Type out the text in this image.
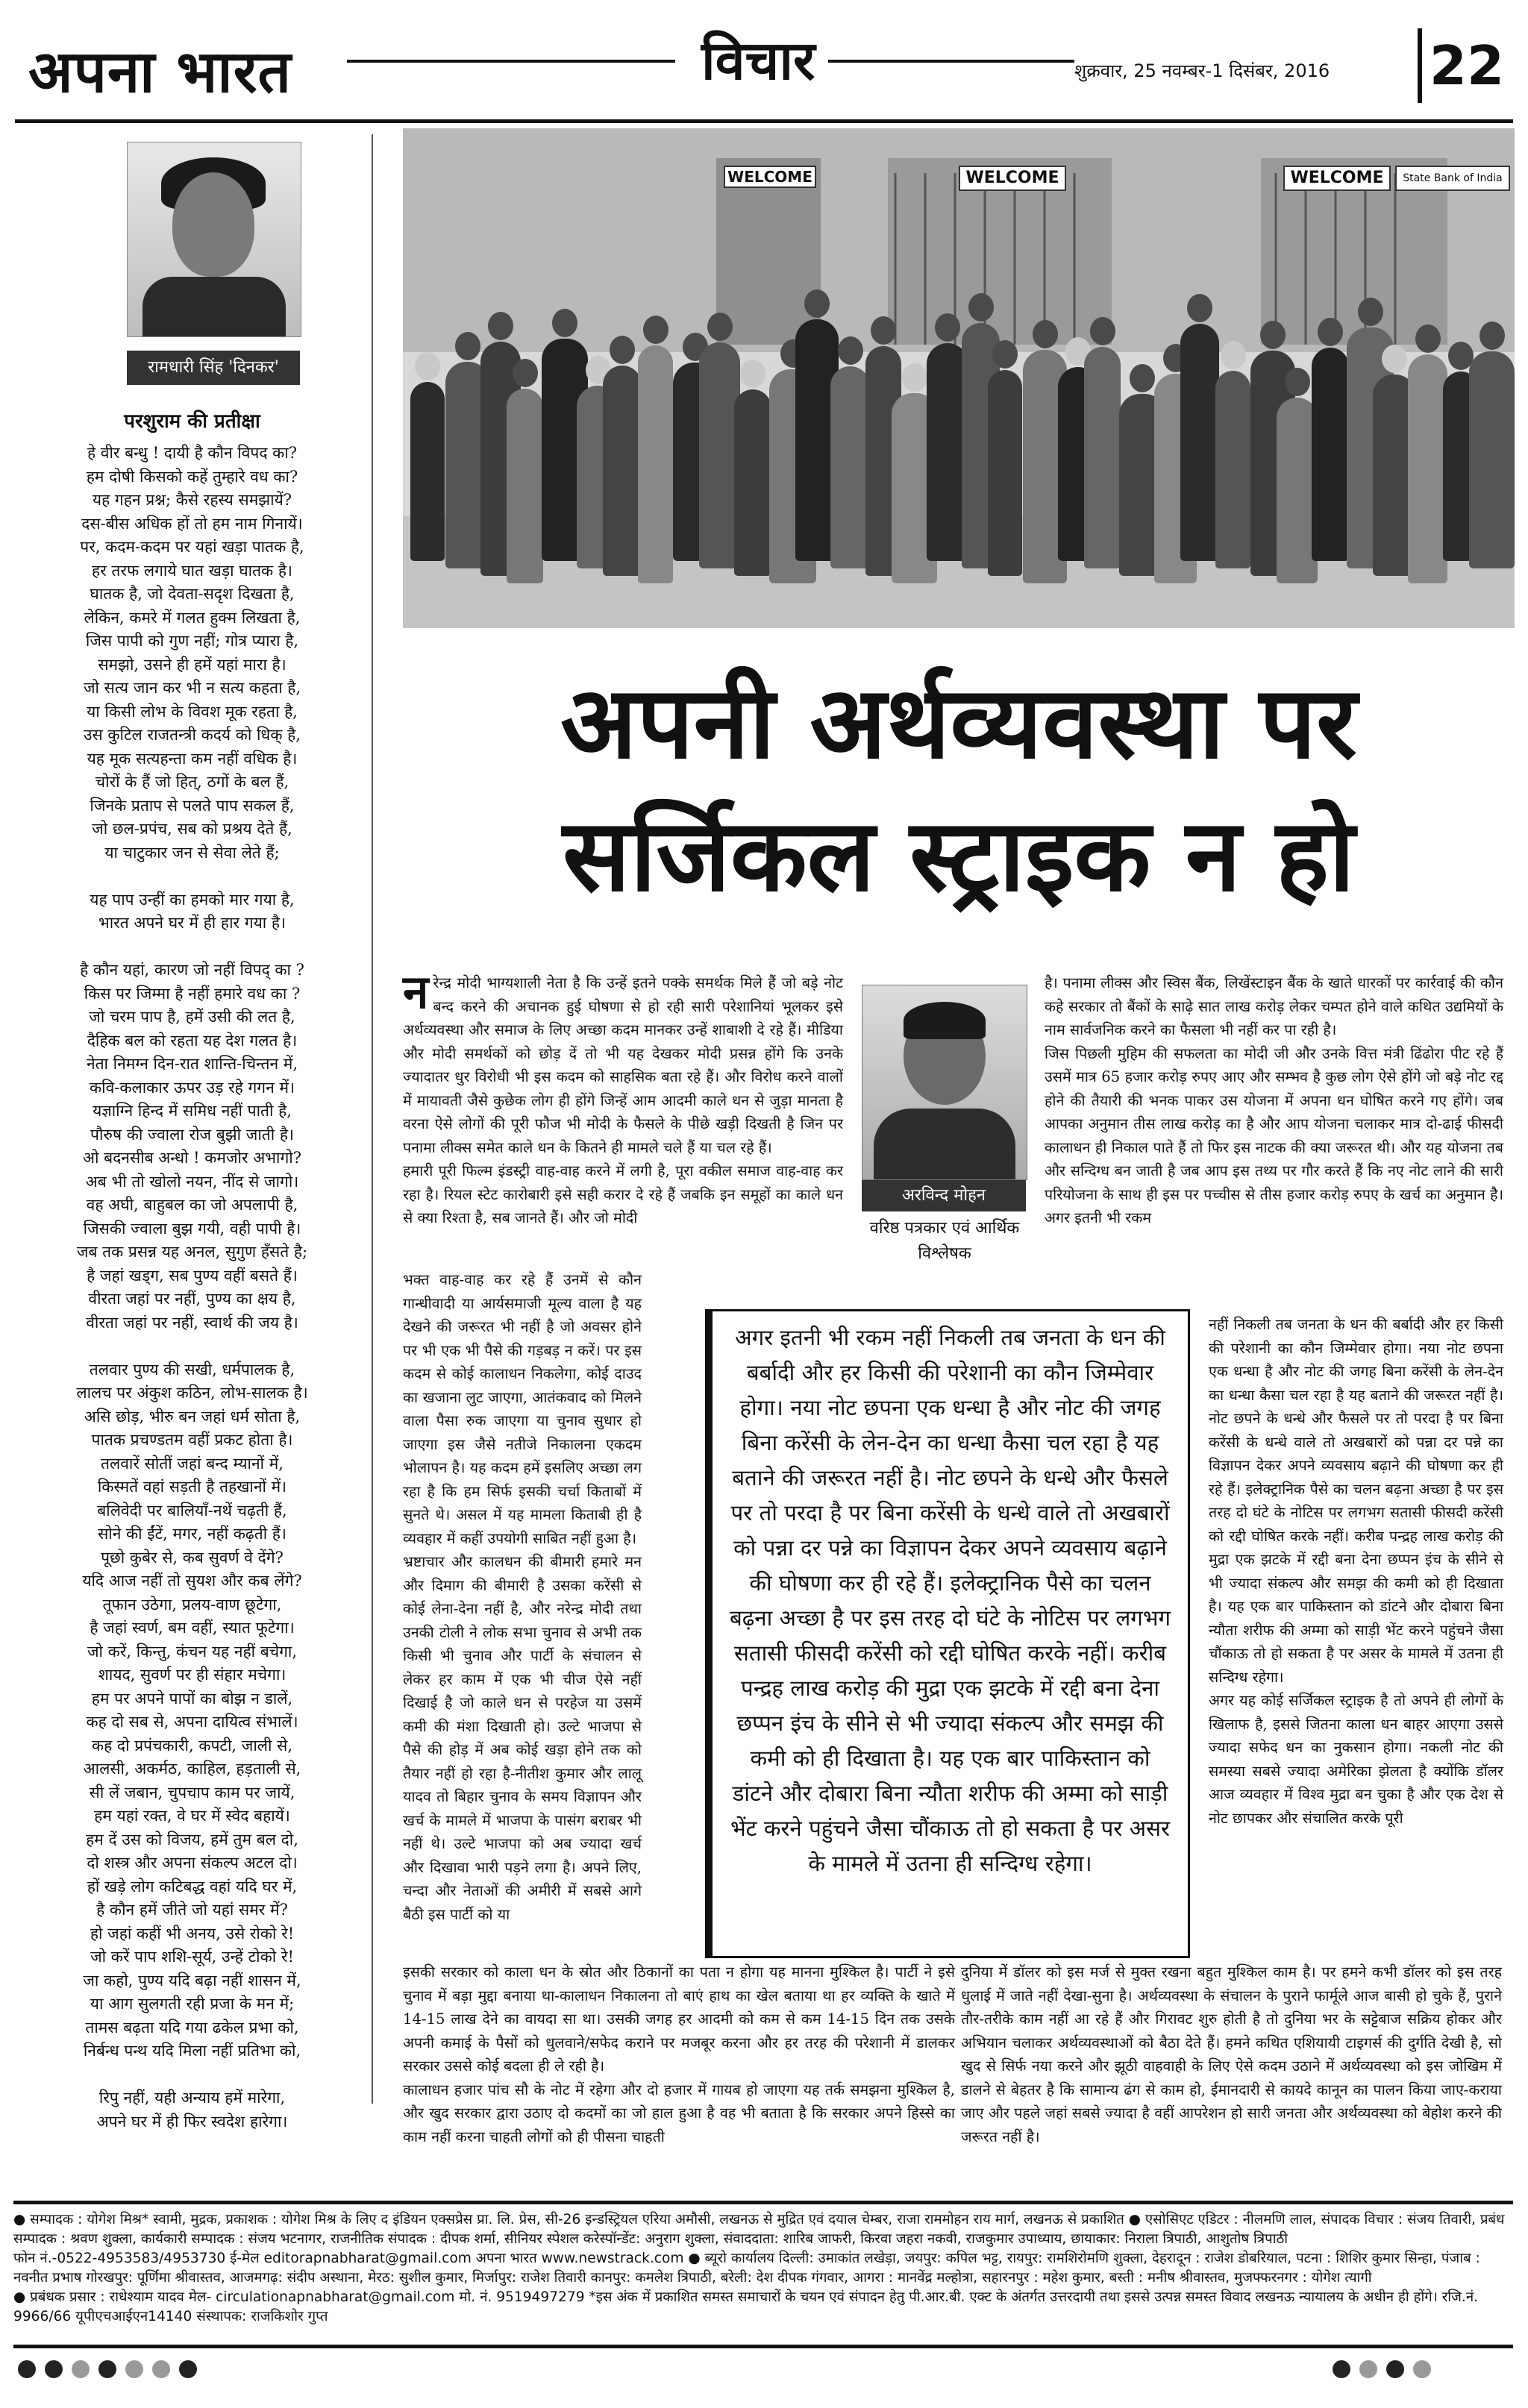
अपना भारत	विचार	शुक्रवार, 25 नवम्बर-1 दिसंबर, 2016 22
रामधारी सिंह 'दिनकर'
परशुराम की प्रतीक्षा
हे वीर बन्धु ! दायी है कौन विपद का?
हम दोषी किसको कहें तुम्हारे वध का?
यह गहन प्रश्न; कैसे रहस्य समझायें?
दस-बीस अधिक हों तो हम नाम गिनायें।
पर, कदम-कदम पर यहां खड़ा पातक है,
हर तरफ लगाये घात खड़ा घातक है।
घातक है, जो देवता-सदृश दिखता है,
लेकिन, कमरे में गलत हुक्म लिखता है,
जिस पापी को गुण नहीं; गोत्र प्यारा है,
समझो, उसने ही हमें यहां मारा है।
जो सत्य जान कर भी न सत्य कहता है,
या किसी लोभ के विवश मूक रहता है,
उस कुटिल राजतन्त्री कदर्य को धिक् है,
यह मूक सत्यहन्ता कम नहीं वधिक है।
चोरों के हैं जो हित्, ठगों के बल हैं,
जिनके प्रताप से पलते पाप सकल हैं,
जो छल-प्रपंच, सब को प्रश्रय देते हैं,
या चाटुकार जन से सेवा लेते हैं;

यह पाप उन्हीं का हमको मार गया है,
भारत अपने घर में ही हार गया है।

है कौन यहां, कारण जो नहीं विपद् का ?
किस पर जिम्मा है नहीं हमारे वध का ?
जो चरम पाप है, हमें उसी की लत है,
दैहिक बल को रहता यह देश गलत है।
नेता निमग्न दिन-रात शान्ति-चिन्तन में,
कवि-कलाकार ऊपर उड़ रहे गगन में।
यज्ञाग्नि हिन्द में समिध नहीं पाती है,
पौरुष की ज्वाला रोज बुझी जाती है।
ओ बदनसीब अन्धो ! कमजोर अभागो?
अब भी तो खोलो नयन, नींद से जागो।
वह अघी, बाहुबल का जो अपलापी है,
जिसकी ज्वाला बुझ गयी, वही पापी है।
जब तक प्रसन्न यह अनल, सुगुण हँसते है;
है जहां खड्ग, सब पुण्य वहीं बसते हैं।
वीरता जहां पर नहीं, पुण्य का क्षय है,
वीरता जहां पर नहीं, स्वार्थ की जय है।

तलवार पुण्य की सखी, धर्मपालक है,
लालच पर अंकुश कठिन, लोभ-सालक है।
असि छोड़, भीरु बन जहां धर्म सोता है,
पातक प्रचण्डतम वहीं प्रकट होता है।
तलवारें सोतीं जहां बन्द म्यानों में,
किस्मतें वहां सड़ती है तहखानों में।
बलिवेदी पर बालियाँ-नथें चढ़ती हैं,
सोने की ईंटें, मगर, नहीं कढ़ती हैं।
पूछो कुबेर से, कब सुवर्ण वे देंगे?
यदि आज नहीं तो सुयश और कब लेंगे?
तूफान उठेगा, प्रलय-वाण छूटेगा,
है जहां स्वर्ण, बम वहीं, स्यात फूटेगा।
जो करें, किन्तु, कंचन यह नहीं बचेगा,
शायद, सुवर्ण पर ही संहार मचेगा।
हम पर अपने पापों का बोझ न डालें,
कह दो सब से, अपना दायित्व संभालें।
कह दो प्रपंचकारी, कपटी, जाली से,
आलसी, अकर्मठ, काहिल, हड़ताली से,
सी लें जबान, चुपचाप काम पर जायें,
हम यहां रक्त, वे घर में स्वेद बहायें।
हम दें उस को विजय, हमें तुम बल दो,
दो शस्त्र और अपना संकल्प अटल दो।
हों खड़े लोग कटिबद्ध वहां यदि घर में,
है कौन हमें जीते जो यहां समर में?
हो जहां कहीं भी अनय, उसे रोको रे!
जो करें पाप शशि-सूर्य, उन्हें टोको रे!
जा कहो, पुण्य यदि बढ़ा नहीं शासन में,
या आग सुलगती रही प्रजा के मन में;
तामस बढ़ता यदि गया ढकेल प्रभा को,
निर्बन्ध पन्थ यदि मिला नहीं प्रतिभा को,

रिपु नहीं, यही अन्याय हमें मारेगा,
अपने घर में ही फिर स्वदेश हारेगा।
WELCOME	WELCOME	WELCOME	State Bank of India
अपनी अर्थव्यवस्था पर
सर्जिकल स्ट्राइक न हो
नरेन्द्र मोदी भाग्यशाली नेता है कि उन्हें इतने पक्के समर्थक मिले हैं जो बड़े नोट बन्द करने की अचानक हुई घोषणा से हो रही सारी परेशानियां भूलकर इसे अर्थव्यवस्था और समाज के लिए अच्छा कदम मानकर उन्हें शाबाशी दे रहे हैं। मीडिया और मोदी समर्थकों को छोड़ दें तो भी यह देखकर मोदी प्रसन्न होंगे कि उनके ज्यादातर धुर विरोधी भी इस कदम को साहसिक बता रहे हैं। और विरोध करने वालों में मायावती जैसे कुछेक लोग ही होंगे जिन्हें आम आदमी काले धन से जुड़ा मानता है वरना ऐसे लोगों की पूरी फौज भी मोदी के फैसले के पीछे खड़ी दिखती है जिन पर पनामा लीक्स समेत काले धन के कितने ही मामले चले हैं या चल रहे हैं।
हमारी पूरी फिल्म इंडस्ट्री वाह-वाह करने में लगी है, पूरा वकील समाज वाह-वाह कर रहा है। रियल स्टेट कारोबारी इसे सही करार दे रहे हैं जबकि इन समूहों का काले धन से क्या रिश्ता है, सब जानते हैं। और जो मोदी
अरविन्द मोहन
वरिष्ठ पत्रकार एवं आर्थिक विश्लेषक
है। पनामा लीक्स और स्विस बैंक, लिखेंस्टाइन बैंक के खाते धारकों पर कार्रवाई की कौन कहे सरकार तो बैंकों के साढ़े सात लाख करोड़ लेकर चम्पत होने वाले कथित उद्यमियों के नाम सार्वजनिक करने का फैसला भी नहीं कर पा रही है।
जिस पिछली मुहिम की सफलता का मोदी जी और उनके वित्त मंत्री ढिंढोरा पीट रहे हैं उसमें मात्र 65 हजार करोड़ रुपए आए और सम्भव है कुछ लोग ऐसे होंगे जो बड़े नोट रद्द होने की तैयारी की भनक पाकर उस योजना में अपना धन घोषित करने गए होंगे। जब आपका अनुमान तीस लाख करोड़ का है और आप योजना चलाकर मात्र दो-ढाई फीसदी कालाधन ही निकाल पाते हैं तो फिर इस नाटक की क्या जरूरत थी। और यह योजना तब और सन्दिग्ध बन जाती है जब आप इस तथ्य पर गौर करते हैं कि नए नोट लाने की सारी परियोजना के साथ ही इस पर पच्चीस से तीस हजार करोड़ रुपए के खर्च का अनुमान है। अगर इतनी भी रकम
भक्त वाह-वाह कर रहे हैं उनमें से कौन गान्धीवादी या आर्यसमाजी मूल्य वाला है यह देखने की जरूरत भी नहीं है जो अवसर होने पर भी एक भी पैसे की गड़बड़ न करें। पर इस कदम से कोई कालाधन निकलेगा, कोई दाउद का खजाना लुट जाएगा, आतंकवाद को मिलने वाला पैसा रुक जाएगा या चुनाव सुधार हो जाएगा इस जैसे नतीजे निकालना एकदम भोलापन है। यह कदम हमें इसलिए अच्छा लग रहा है कि हम सिर्फ इसकी चर्चा किताबों में सुनते थे। असल में यह मामला किताबी ही है व्यवहार में कहीं उपयोगी साबित नहीं हुआ है।
भ्रष्टाचार और कालधन की बीमारी हमारे मन और दिमाग की बीमारी है उसका करेंसी से कोई लेना-देना नहीं है, और नरेन्द्र मोदी तथा उनकी टोली ने लोक सभा चुनाव से अभी तक किसी भी चुनाव और पार्टी के संचालन से लेकर हर काम में एक भी चीज ऐसे नहीं दिखाई है जो काले धन से परहेज या उसमें कमी की मंशा दिखाती हो। उल्टे भाजपा से पैसे की होड़ में अब कोई खड़ा होने तक को तैयार नहीं हो रहा है-नीतीश कुमार और लालू यादव तो बिहार चुनाव के समय विज्ञापन और खर्च के मामले में भाजपा के पासंग बराबर भी नहीं थे। उल्टे भाजपा को अब ज्यादा खर्च और दिखावा भारी पड़ने लगा है। अपने लिए, चन्दा और नेताओं की अमीरी में सबसे आगे बैठी इस पार्टी को या
अगर इतनी भी रकम नहीं निकली तब जनता के धन की बर्बादी और हर किसी की परेशानी का कौन जिम्मेवार होगा। नया नोट छपना एक धन्धा है और नोट की जगह बिना करेंसी के लेन-देन का धन्धा कैसा चल रहा है यह बताने की जरूरत नहीं है। नोट छपने के धन्धे और फैसले पर तो परदा है पर बिना करेंसी के धन्धे वाले तो अखबारों को पन्ना दर पन्ने का विज्ञापन देकर अपने व्यवसाय बढ़ाने की घोषणा कर ही रहे हैं। इलेक्ट्रानिक पैसे का चलन बढ़ना अच्छा है पर इस तरह दो घंटे के नोटिस पर लगभग सतासी फीसदी करेंसी को रद्दी घोषित करके नहीं। करीब पन्द्रह लाख करोड़ की मुद्रा एक झटके में रद्दी बना देना छप्पन इंच के सीने से भी ज्यादा संकल्प और समझ की कमी को ही दिखाता है। यह एक बार पाकिस्तान को डांटने और दोबारा बिना न्यौता शरीफ की अम्मा को साड़ी भेंट करने पहुंचने जैसा चौंकाऊ तो हो सकता है पर असर के मामले में उतना ही सन्दिग्ध रहेगा।
नहीं निकली तब जनता के धन की बर्बादी और हर किसी की परेशानी का कौन जिम्मेवार होगा। नया नोट छपना एक धन्धा है और नोट की जगह बिना करेंसी के लेन-देन का धन्धा कैसा चल रहा है यह बताने की जरूरत नहीं है। नोट छपने के धन्धे और फैसले पर तो परदा है पर बिना करेंसी के धन्धे वाले तो अखबारों को पन्ना दर पन्ने का विज्ञापन देकर अपने व्यवसाय बढ़ाने की घोषणा कर ही रहे हैं। इलेक्ट्रानिक पैसे का चलन बढ़ना अच्छा है पर इस तरह दो घंटे के नोटिस पर लगभग सतासी फीसदी करेंसी को रद्दी घोषित करके नहीं। करीब पन्द्रह लाख करोड़ की मुद्रा एक झटके में रद्दी बना देना छप्पन इंच के सीने से भी ज्यादा संकल्प और समझ की कमी को ही दिखाता है। यह एक बार पाकिस्तान को डांटने और दोबारा बिना न्यौता शरीफ की अम्मा को साड़ी भेंट करने पहुंचने जैसा चौंकाऊ तो हो सकता है पर असर के मामले में उतना ही सन्दिग्ध रहेगा।
अगर यह कोई सर्जिकल स्ट्राइक है तो अपने ही लोगों के खिलाफ है, इससे जितना काला धन बाहर आएगा उससे ज्यादा सफेद धन का नुकसान होगा। नकली नोट की समस्या सबसे ज्यादा अमेरिका झेलता है क्योंकि डॉलर आज व्यवहार में विश्व मुद्रा बन चुका है और एक देश से नोट छापकर और संचालित करके पूरी
इसकी सरकार को काला धन के स्रोत और ठिकानों का पता न होगा यह मानना मुश्किल है। पार्टी ने इसे चुनाव में बड़ा मुद्दा बनाया था-कालाधन निकालना तो बाएं हाथ का खेल बताया था हर व्यक्ति के खाते में 14-15 लाख देने का वायदा सा था। उसकी जगह हर आदमी को कम से कम 14-15 दिन तक उसके अपनी कमाई के पैसों को धुलवाने/सफेद कराने पर मजबूर करना और हर तरह की परेशानी में डालकर सरकार उससे कोई बदला ही ले रही है।
कालाधन हजार पांच सौ के नोट में रहेगा और दो हजार में गायब हो जाएगा यह तर्क समझना मुश्किल है, और खुद सरकार द्वारा उठाए दो कदमों का जो हाल हुआ है वह भी बताता है कि सरकार अपने हिस्से का काम नहीं करना चाहती लोगों को ही पीसना चाहती
दुनिया में डॉलर को इस मर्ज से मुक्त रखना बहुत मुश्किल काम है। पर हमने कभी डॉलर को इस तरह धुलाई में जाते नहीं देखा-सुना है। अर्थव्यवस्था के संचालन के पुराने फार्मूले आज बासी हो चुके हैं, पुराने तौर-तरीके काम नहीं आ रहे हैं और गिरावट शुरु होती है तो दुनिया भर के सट्टेबाज सक्रिय होकर और अभियान चलाकर अर्थव्यवस्थाओं को बैठा देते हैं। हमने कथित एशियायी टाइगर्स की दुर्गति देखी है, सो खुद से सिर्फ नया करने और झूठी वाहवाही के लिए ऐसे कदम उठाने में अर्थव्यवस्था को इस जोखिम में डालने से बेहतर है कि सामान्य ढंग से काम हो, ईमानदारी से कायदे कानून का पालन किया जाए-कराया जाए और पहले जहां सबसे ज्यादा है वहीं आपरेशन हो सारी जनता और अर्थव्यवस्था को बेहोश करने की जरूरत नहीं है।
● सम्पादक : योगेश मिश्र* स्वामी, मुद्रक, प्रकाशक : योगेश मिश्र के लिए द इंडियन एक्सप्रेस प्रा. लि. प्रेस, सी-26 इन्डस्ट्रियल एरिया अमौसी, लखनऊ से मुद्रित एवं दयाल चेम्बर, राजा राममोहन राय मार्ग, लखनऊ से प्रकाशित ● एसोसिएट एडिटर : नीलमणि लाल, संपादक विचार : संजय तिवारी, प्रबंध सम्पादक : श्रवण शुक्ला, कार्यकारी सम्पादक : संजय भटनागर, राजनीतिक संपादक : दीपक शर्मा, सीनियर स्पेशल करेस्पॉन्डेंट: अनुराग शुक्ला, संवाददाता: शारिब जाफरी, किरवा जहरा नकवी, राजकुमार उपाध्याय, छायाकार: निराला त्रिपाठी, आशुतोष त्रिपाठी
फोन नं.-0522-4953583/4953730 ई-मेल editorapnabharat@gmail.com अपना भारत www.newstrack.com ● ब्यूरो कार्यालय दिल्ली: उमाकांत लखेड़ा, जयपुर: कपिल भट्ट, रायपुर: रामशिरोमणि शुक्ला, देहरादून : राजेश डोबरियाल, पटना : शिशिर कुमार सिन्हा, पंजाब : नवनीत प्रभाष गोरखपुर: पूर्णिमा श्रीवास्तव, आजमगढ़: संदीप अस्थाना, मेरठ: सुशील कुमार, मिर्जापुर: राजेश तिवारी कानपुर: कमलेश त्रिपाठी, बरेली: देश दीपक गंगवार, आगरा : मानवेंद्र मल्होत्रा, सहारनपुर : महेश कुमार, बस्ती : मनीष श्रीवास्तव, मुजफ्फरनगर : योगेश त्यागी
● प्रबंधक प्रसार : राधेश्याम यादव मेल- circulationapnabharat@gmail.com मो. नं. 9519497279 *इस अंक में प्रकाशित समस्त समाचारों के चयन एवं संपादन हेतु पी.आर.बी. एक्ट के अंतर्गत उत्तरदायी तथा इससे उत्पन्न समस्त विवाद लखनऊ न्यायालय के अधीन ही होंगे। रजि.नं. 9966/66 यूपीएचआईएन14140 संस्थापक: राजकिशोर गुप्त
